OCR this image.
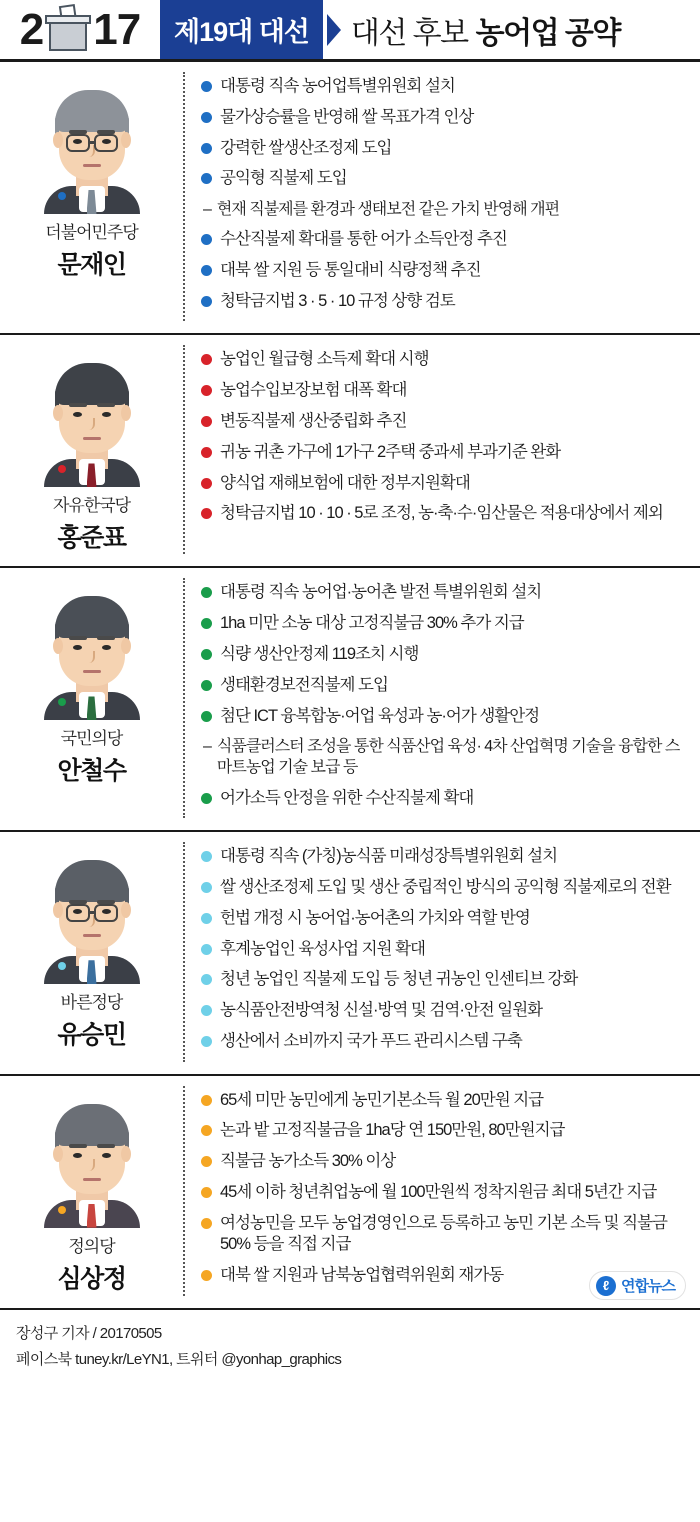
2 17	제19대 대선	대선 후보 농어업 공약
더불어민주당
문재인
대통령 직속 농어업특별위원회 설치
물가상승률을 반영해 쌀 목표가격 인상
강력한 쌀생산조정제 도입
공익형 직불제 도입
– 현재 직불제를 환경과 생태보전 같은 가치 반영해 개편
수산직불제 확대를 통한 어가 소득안정 추진
대북 쌀 지원 등 통일대비 식량정책 추진
청탁금지법 3 · 5 · 10 규정 상향 검토
자유한국당
홍준표
농업인 월급형 소득제 확대 시행
농업수입보장보험 대폭 확대
변동직불제 생산중립화 추진
귀농 귀촌 가구에 1가구 2주택 중과세 부과기준 완화
양식업 재해보험에 대한 정부지원확대
청탁금지법 10 · 10 · 5로 조정, 농·축·수·임산물은 적용대상에서 제외
국민의당
안철수
대통령 직속 농어업·농어촌 발전 특별위원회 설치
1ha 미만 소농 대상 고정직불금 30% 추가 지급
식량 생산안정제 119조치 시행
생태환경보전직불제 도입
첨단 ICT 융복합농·어업 육성과 농·어가 생활안정
– 식품클러스터 조성을 통한 식품산업 육성· 4차 산업혁명 기술을 융합한 스마트농업 기술 보급 등
어가소득 안정을 위한 수산직불제 확대
바른정당
유승민
대통령 직속 (가칭)농식품 미래성장특별위원회 설치
쌀 생산조정제 도입 및 생산 중립적인 방식의 공익형 직불제로의 전환
헌법 개정 시 농어업·농어촌의 가치와 역할 반영
후계농업인 육성사업 지원 확대
청년 농업인 직불제 도입 등 청년 귀농인 인센티브 강화
농식품안전방역청 신설·방역 및 검역·안전 일원화
생산에서 소비까지 국가 푸드 관리시스템 구축
정의당
심상정
65세 미만 농민에게 농민기본소득 월 20만원 지급
논과 밭 고정직불금을 1ha당 연 150만원, 80만원지급
직불금 농가소득 30% 이상
45세 이하 청년취업농에 월 100만원씩 정착지원금 최대 5년간 지급
여성농민을 모두 농업경영인으로 등록하고 농민 기본 소득 및 직불금 50% 등을 직접 지급
대북 쌀 지원과 남북농업협력위원회 재가동
ℓ 연합뉴스
장성구 기자 / 20170505
페이스북 tuney.kr/LeYN1, 트위터 @yonhap_graphics
